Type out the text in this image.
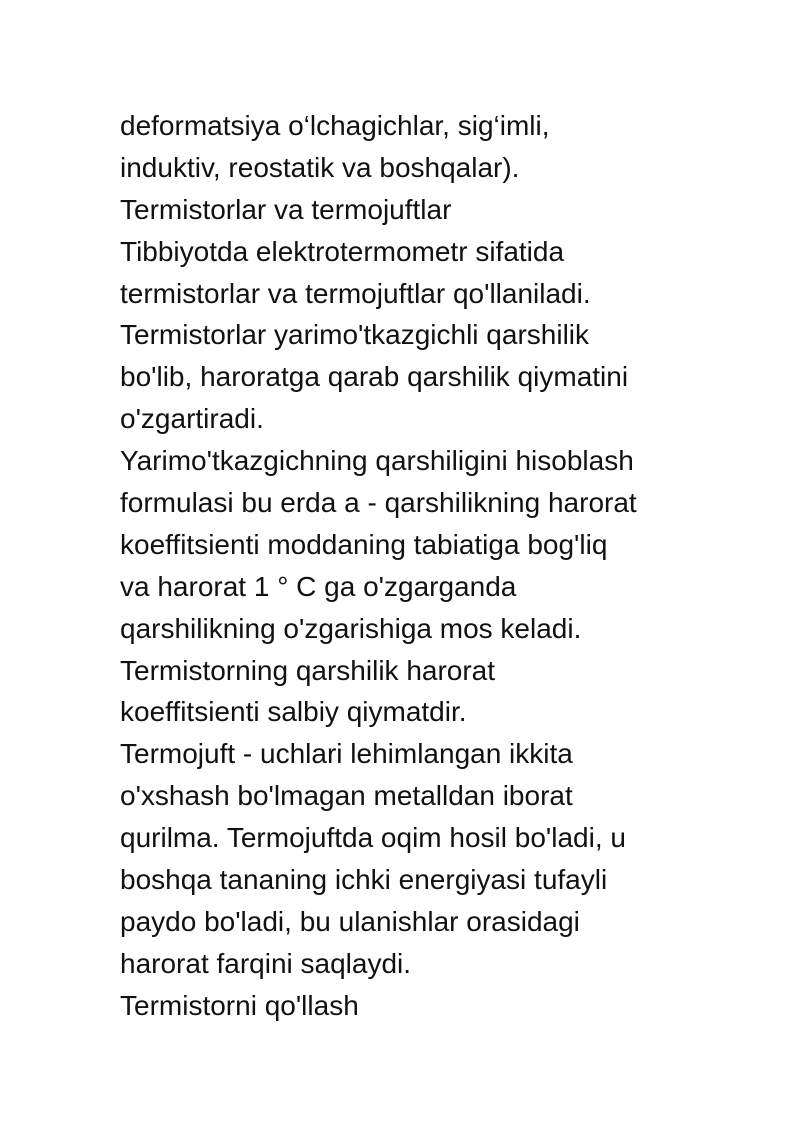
deformatsiya o‘lchagichlar, sig‘imli,
induktiv, reostatik va boshqalar).
Termistorlar va termojuftlar
Tibbiyotda elektrotermometr sifatida
termistorlar va termojuftlar qo'llaniladi.
Termistorlar yarimo'tkazgichli qarshilik
bo'lib, haroratga qarab qarshilik qiymatini
o'zgartiradi.
Yarimo'tkazgichning qarshiligini hisoblash
formulasi bu erda a - qarshilikning harorat
koeffitsienti moddaning tabiatiga bog'liq
va harorat 1 ° C ga o'zgarganda
qarshilikning o'zgarishiga mos keladi.
Termistorning qarshilik harorat
koeffitsienti salbiy qiymatdir.
Termojuft - uchlari lehimlangan ikkita
o'xshash bo'lmagan metalldan iborat
qurilma. Termojuftda oqim hosil bo'ladi, u
boshqa tananing ichki energiyasi tufayli
paydo bo'ladi, bu ulanishlar orasidagi
harorat farqini saqlaydi.
Termistorni qo'llash
